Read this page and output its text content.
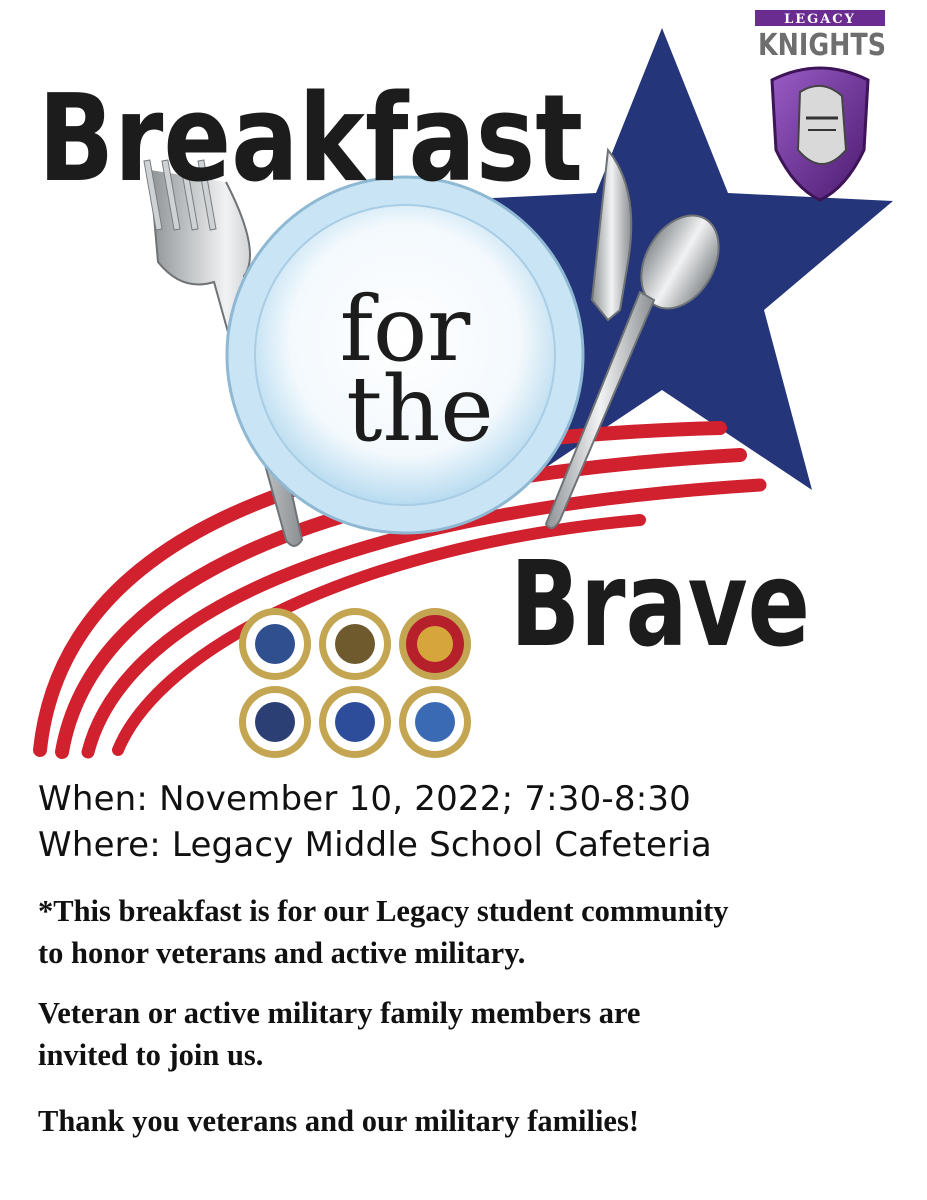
Breakfast
for
the
Brave
LEGACY
KNIGHTS

When: November 10, 2022; 7:30-8:30

Where: Legacy Middle School Cafeteria

*This breakfast is for our Legacy student community
to honor veterans and active military.

Veteran or active military family members are
invited to join us.

Thank you veterans and our military families!
